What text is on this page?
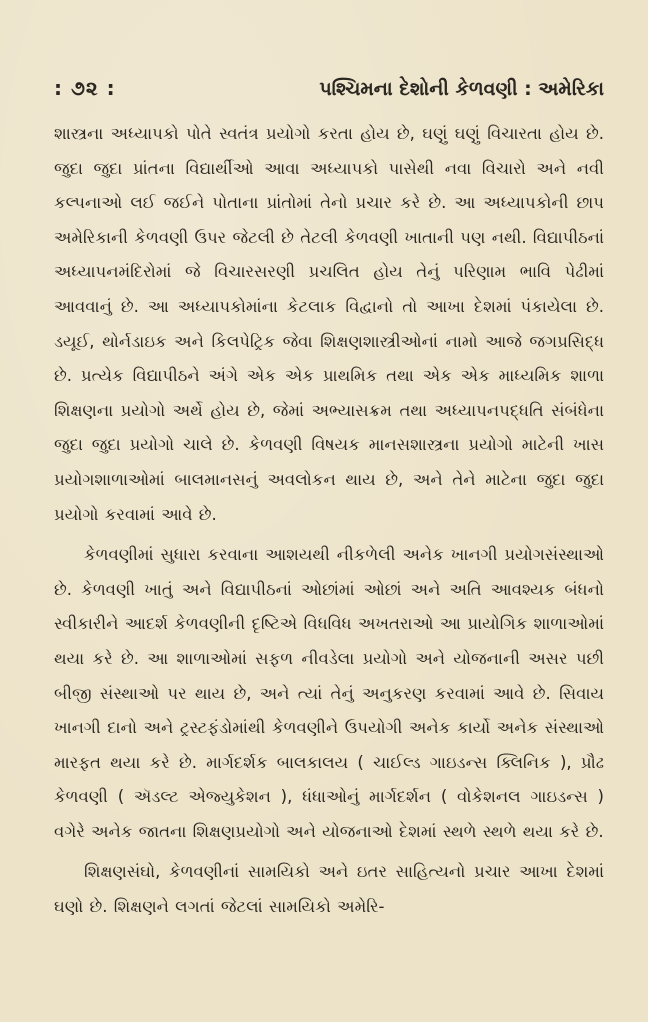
: ૭૨ :	પશ્ચિમના દેશોની કેળવણી : અમેરિકા

શાસ્ત્રના અધ્યાપકો પોતે સ્વતંત્ર પ્રયોગો કરતા હોય છે, ઘણું ઘણું વિચારતા હોય છે. જુદા જુદા પ્રાંતના વિદ્યાર્થીઓ આવા અધ્યાપકો પાસેથી નવા વિચારો અને નવી કલ્પનાઓ લઈ જઈને પોતાના પ્રાંતોમાં તેનો પ્રચાર કરે છે. આ અધ્યાપકોની છાપ અમેરિકાની કેળવણી ઉપર જેટલી છે તેટલી કેળવણી ખાતાની પણ નથી. વિદ્યાપીઠનાં અધ્યાપનમંદિરોમાં જે વિચારસરણી પ્રચલિત હોય તેનું પરિણામ ભાવિ પેઢીમાં આવવાનું છે. આ અધ્યાપકોમાંના કેટલાક વિદ્વાનો તો આખા દેશમાં પંકાયેલા છે. ડયૂઈ, થોર્નડાઇક અને કિલપેટ્રિક જેવા શિક્ષણશાસ્ત્રીઓનાં નામો આજે જગપ્રસિદ્ધ છે. પ્રત્યેક વિદ્યાપીઠને અંગે એક એક પ્રાથમિક તથા એક એક માધ્યમિક શાળા શિક્ષણના પ્રયોગો અર્થે હોય છે, જેમાં અભ્યાસક્રમ તથા અધ્યાપનપદ્ધતિ સંબંધેના જુદા જુદા પ્રયોગો ચાલે છે. કેળવણી વિષયક માનસશાસ્ત્રના પ્રયોગો માટેની ખાસ પ્રયોગશાળાઓમાં બાલમાનસનું અવલોકન થાય છે, અને તેને માટેના જુદા જુદા પ્રયોગો કરવામાં આવે છે.

કેળવણીમાં સુધારા કરવાના આશયથી નીકળેલી અનેક ખાનગી પ્રયોગસંસ્થાઓ છે. કેળવણી ખાતું અને વિદ્યાપીઠનાં ઓછાંમાં ઓછાં અને અતિ આવશ્યક બંધનો સ્વીકારીને આદર્શ કેળવણીની દૃષ્ટિએ વિધવિધ અખતરાઓ આ પ્રાયોગિક શાળાઓમાં થયા કરે છે. આ શાળાઓમાં સફળ નીવડેલા પ્રયોગો અને યોજનાની અસર પછી બીજી સંસ્થાઓ પર થાય છે, અને ત્યાં તેનું અનુકરણ કરવામાં આવે છે. સિવાય ખાનગી દાનો અને ટ્રસ્ટફંડોમાંથી કેળવણીને ઉપયોગી અનેક કાર્યો અનેક સંસ્થાઓ મારફત થયા કરે છે. માર્ગદર્શક બાલકાલય ( ચાઈલ્ડ ગાઇડન્સ ક્લિનિક ), પ્રૌઢ કેળવણી ( ઍડલ્ટ એજ્યુકેશન ), ધંધાઓનું માર્ગદર્શન ( વોકેશનલ ગાઇડન્સ ) વગેરે અનેક જાતના શિક્ષણપ્રયોગો અને યોજનાઓ દેશમાં સ્થળે સ્થળે થયા કરે છે.

શિક્ષણસંઘો, કેળવણીનાં સામયિકો અને ઇતર સાહિત્યનો પ્રચાર આખા દેશમાં ઘણો છે. શિક્ષણને લગતાં જેટલાં સામયિકો અમેરિ-
